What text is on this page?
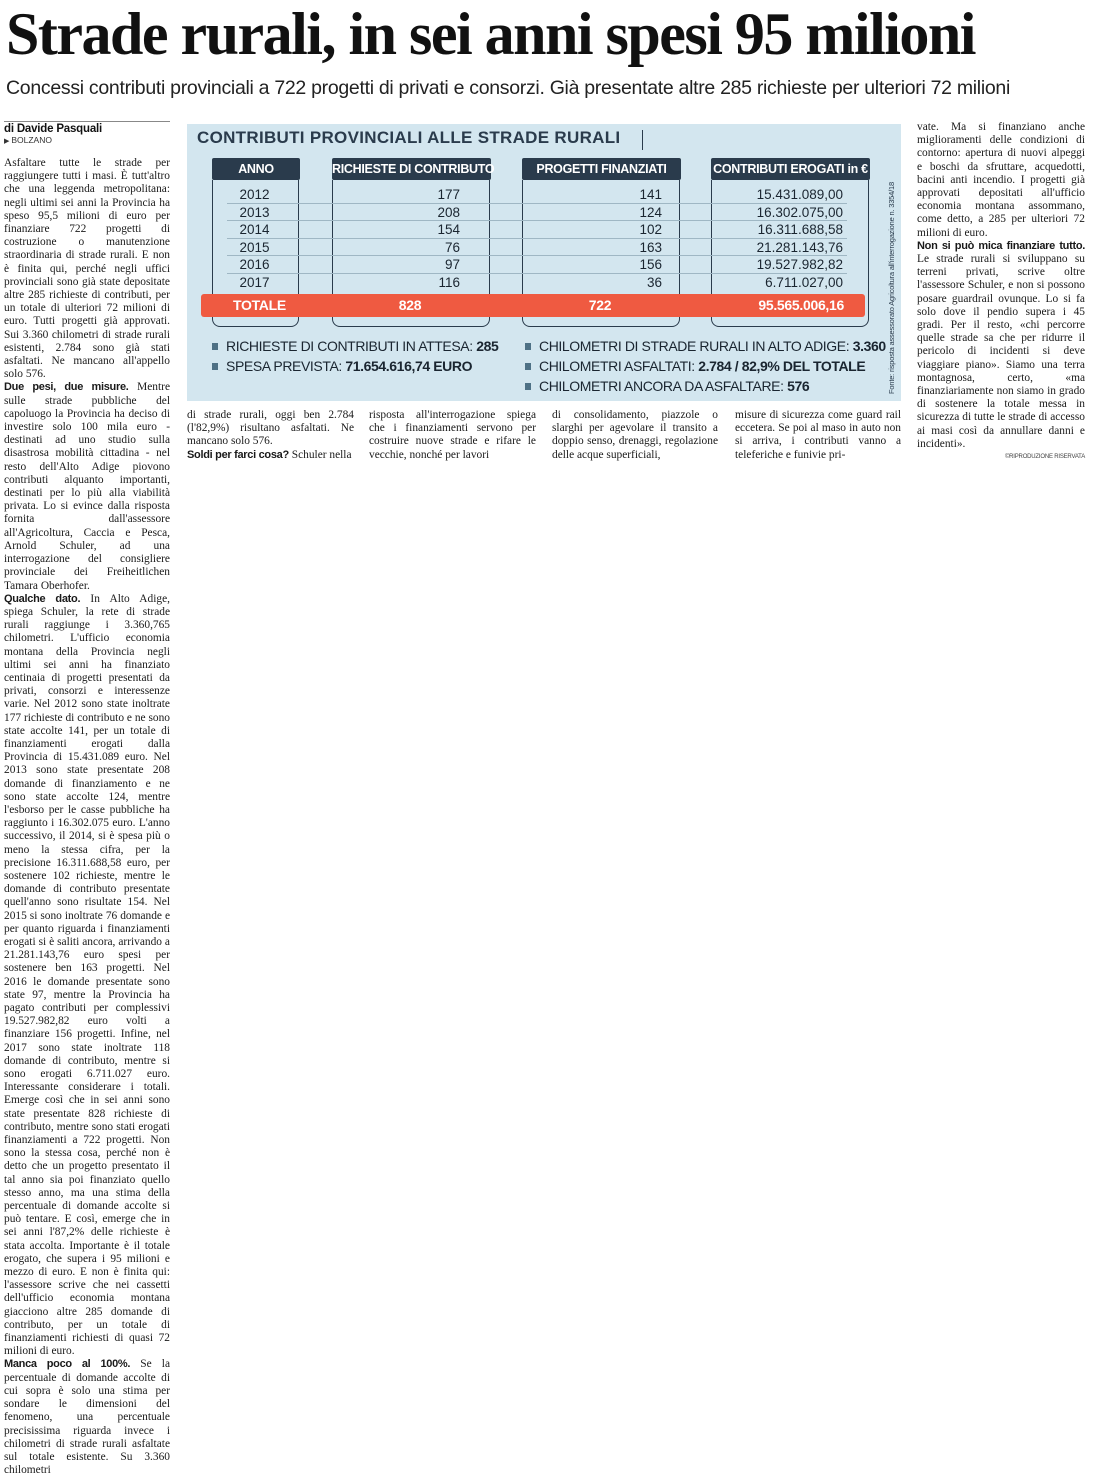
Strade rurali, in sei anni spesi 95 milioni
Concessi contributi provinciali a 722 progetti di privati e consorzi. Già presentate altre 285 richieste per ulteriori 72 milioni
di Davide Pasquali
▶ BOLZANO

Asfaltare tutte le strade per raggiungere tutti i masi. È tutt'altro che una leggenda metropolitana: negli ultimi sei anni la Provincia ha speso 95,5 milioni di euro per finanziare 722 progetti di costruzione o manutenzione straordinaria di strade rurali. E non è finita qui, perché negli uffici provinciali sono già state depositate altre 285 richieste di contributi, per un totale di ulteriori 72 milioni di euro. Tutti progetti già approvati. Sui 3.360 chilometri di strade rurali esistenti, 2.784 sono già stati asfaltati. Ne mancano all'appello solo 576.

Due pesi, due misure. Mentre sulle strade pubbliche del capoluogo la Provincia ha deciso di investire solo 100 mila euro - destinati ad uno studio sulla disastrosa mobilità cittadina - nel resto dell'Alto Adige piovono contributi alquanto importanti, destinati per lo più alla viabilità privata. Lo si evince dalla risposta fornita dall'assessore all'Agricoltura, Caccia e Pesca, Arnold Schuler, ad una interrogazione del consigliere provinciale dei Freiheitlichen Tamara Oberhofer.

Qualche dato. In Alto Adige, spiega Schuler, la rete di strade rurali raggiunge i 3.360,765 chilometri. L'ufficio economia montana della Provincia negli ultimi sei anni ha finanziato centinaia di progetti presentati da privati, consorzi e interessenze varie. Nel 2012 sono state inoltrate 177 richieste di contributo e ne sono state accolte 141, per un totale di finanziamenti erogati dalla Provincia di 15.431.089 euro. Nel 2013 sono state presentate 208 domande di finanziamento e ne sono state accolte 124, mentre l'esborso per le casse pubbliche ha raggiunto i 16.302.075 euro. L'anno successivo, il 2014, si è spesa più o meno la stessa cifra, per la precisione 16.311.688,58 euro, per sostenere 102 richieste, mentre le domande di contributo presentate quell'anno sono risultate 154. Nel 2015 si sono inoltrate 76 domande e per quanto riguarda i finanziamenti erogati si è saliti ancora, arrivando a 21.281.143,76 euro spesi per sostenere ben 163 progetti. Nel 2016 le domande presentate sono state 97, mentre la Provincia ha pagato contributi per complessivi 19.527.982,82 euro volti a finanziare 156 progetti. Infine, nel 2017 sono state inoltrate 118 domande di contributo, mentre si sono erogati 6.711.027 euro. Interessante considerare i totali. Emerge così che in sei anni sono state presentate 828 richieste di contributo, mentre sono stati erogati finanziamenti a 722 progetti. Non sono la stessa cosa, perché non è detto che un progetto presentato il tal anno sia poi finanziato quello stesso anno, ma una stima della percentuale di domande accolte si può tentare. E così, emerge che in sei anni l'87,2% delle richieste è stata accolta. Importante è il totale erogato, che supera i 95 milioni e mezzo di euro. E non è finita qui: l'assessore scrive che nei cassetti dell'ufficio economia montana giacciono altre 285 domande di contributo, per un totale di finanziamenti richiesti di quasi 72 milioni di euro.

Manca poco al 100%. Se la percentuale di domande accolte di cui sopra è solo una stima per sondare le dimensioni del fenomeno, una percentuale precisissima riguarda invece i chilometri di strade rurali asfaltate sul totale esistente. Su 3.360 chilometri

CONTRIBUTI PROVINCIALI ALLE STRADE RURALI
ANNO	RICHIESTE DI CONTRIBUTO	PROGETTI FINANZIATI	CONTRIBUTI EROGATI in €
2012	177	141	15.431.089,00
2013	208	124	16.302.075,00
2014	154	102	16.311.688,58
2015	76	163	21.281.143,76
2016	97	156	19.527.982,82
2017	116	36	6.711.027,00
TOTALE	828	722	95.565.006,16
RICHIESTE DI CONTRIBUTI IN ATTESA: 285
SPESA PREVISTA: 71.654.616,74 EURO
CHILOMETRI DI STRADE RURALI IN ALTO ADIGE: 3.360
CHILOMETRI ASFALTATI: 2.784 / 82,9% DEL TOTALE
CHILOMETRI ANCORA DA ASFALTARE: 576	Fonte: risposta assessorato Agricoltura all'interrogazione n. 3354/18

di strade rurali, oggi ben 2.784 (l'82,9%) risultano asfaltati. Ne mancano solo 576.

Soldi per farci cosa? Schuler nella

risposta all'interrogazione spiega che i finanziamenti servono per costruire nuove strade e rifare le vecchie, nonché per lavori

di consolidamento, piazzole o slarghi per agevolare il transito a doppio senso, drenaggi, regolazione delle acque superficiali,

misure di sicurezza come guard rail eccetera. Se poi al maso in auto non si arriva, i contributi vanno a teleferiche e funivie pri-

vate. Ma si finanziano anche miglioramenti delle condizioni di contorno: apertura di nuovi alpeggi e boschi da sfruttare, acquedotti, bacini anti incendio. I progetti già approvati depositati all'ufficio economia montana assommano, come detto, a 285 per ulteriori 72 milioni di euro.

Non si può mica finanziare tutto. Le strade rurali si sviluppano su terreni privati, scrive oltre l'assessore Schuler, e non si possono posare guardrail ovunque. Lo si fa solo dove il pendio supera i 45 gradi. Per il resto, «chi percorre quelle strade sa che per ridurre il pericolo di incidenti si deve viaggiare piano». Siamo una terra montagnosa, certo, «ma finanziariamente non siamo in grado di sostenere la totale messa in sicurezza di tutte le strade di accesso ai masi così da annullare danni e incidenti».

©RIPRODUZIONE RISERVATA
